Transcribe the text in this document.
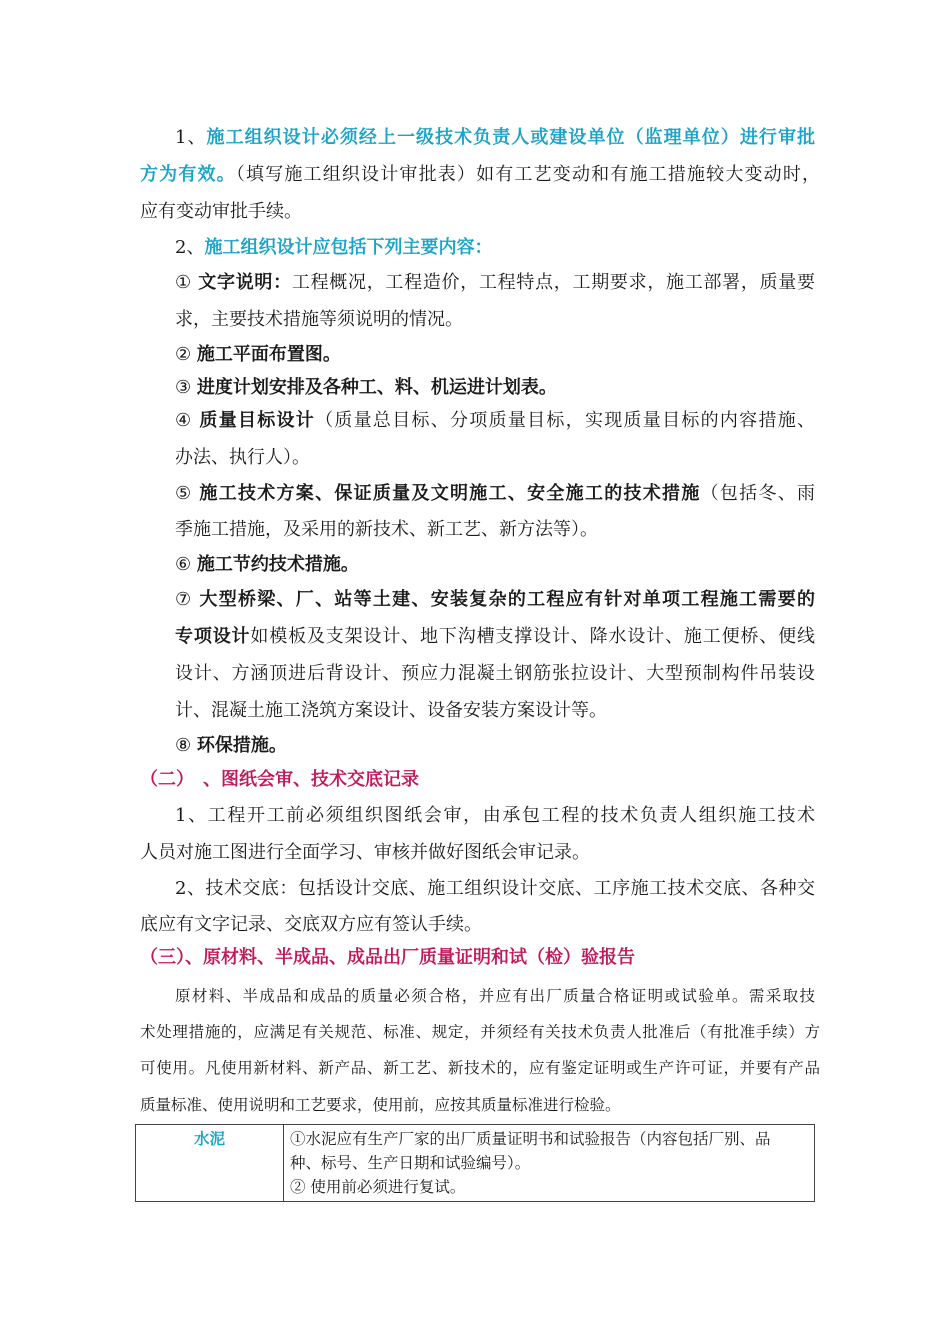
1、施工组织设计必须经上一级技术负责人或建设单位（监理单位）进行审批
方为有效。（填写施工组织设计审批表）如有工艺变动和有施工措施较大变动时，
应有变动审批手续。
2、施工组织设计应包括下列主要内容：
① 文字说明：工程概况，工程造价，工程特点，工期要求，施工部署，质量要
求，主要技术措施等须说明的情况。
② 施工平面布置图。
③ 进度计划安排及各种工、料、机运进计划表。
④ 质量目标设计（质量总目标、分项质量目标，实现质量目标的内容措施、
办法、执行人）。
⑤ 施工技术方案、保证质量及文明施工、安全施工的技术措施（包括冬、雨
季施工措施，及采用的新技术、新工艺、新方法等）。
⑥ 施工节约技术措施。
⑦ 大型桥梁、厂、站等土建、安装复杂的工程应有针对单项工程施工需要的
专项设计如模板及支架设计、地下沟槽支撑设计、降水设计、施工便桥、便线
设计、方涵顶进后背设计、预应力混凝土钢筋张拉设计、大型预制构件吊装设
计、混凝土施工浇筑方案设计、设备安装方案设计等。
⑧ 环保措施。
（二）　、图纸会审、技术交底记录
1、工程开工前必须组织图纸会审，由承包工程的技术负责人组织施工技术
人员对施工图进行全面学习、审核并做好图纸会审记录。
2、技术交底：包括设计交底、施工组织设计交底、工序施工技术交底、各种交
底应有文字记录、交底双方应有签认手续。
（三）、原材料、半成品、成品出厂质量证明和试（检）验报告
原材料、半成品和成品的质量必须合格，并应有出厂质量合格证明或试验单。需采取技
术处理措施的，应满足有关规范、标准、规定，并须经有关技术负责人批准后（有批准手续）方
可使用。凡使用新材料、新产品、新工艺、新技术的，应有鉴定证明或生产许可证，并要有产品
质量标准、使用说明和工艺要求，使用前，应按其质量标准进行检验。
水泥	①水泥应有生产厂家的出厂质量证明书和试验报告（内容包括厂别、品
种、标号、生产日期和试验编号）。
② 使用前必须进行复试。
